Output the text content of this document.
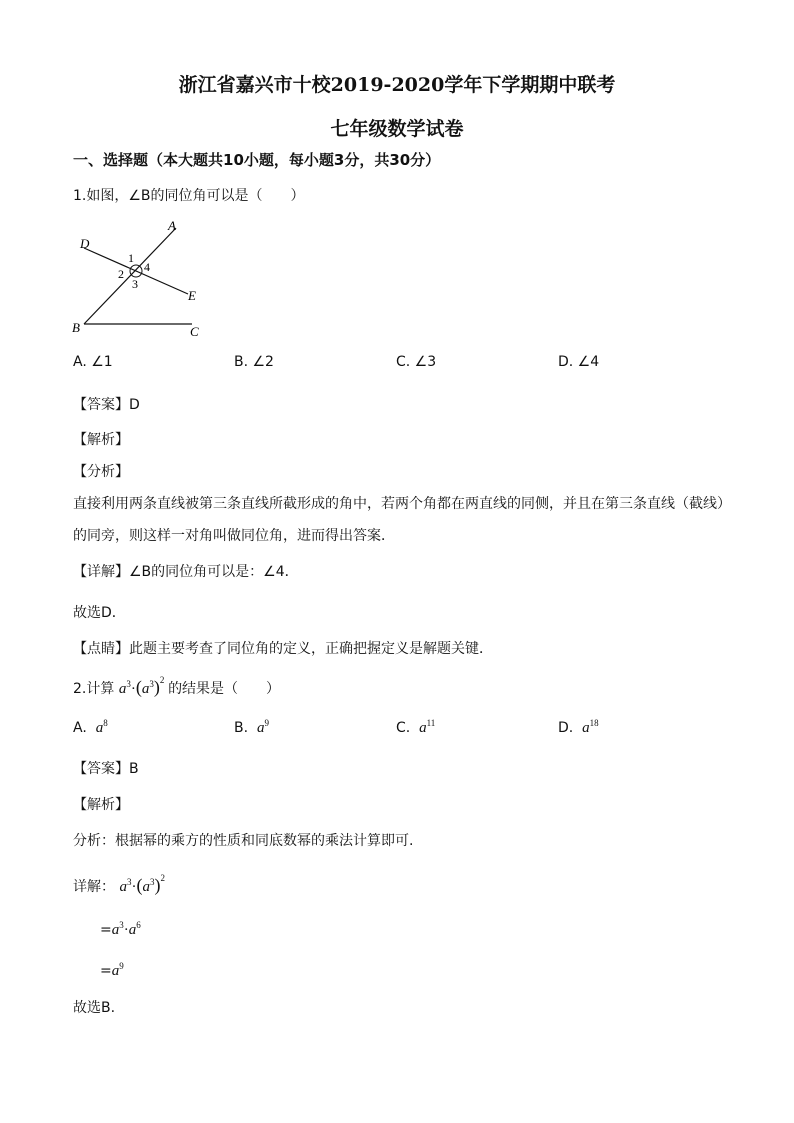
浙江省嘉兴市十校2019-2020学年下学期期中联考
七年级数学试卷
一、选择题（本大题共10小题，每小题3分，共30分）
1.如图，∠B的同位角可以是（　　）
A
D
1
2 4
3
E
B	C
A. ∠1	B. ∠2	C. ∠3	D. ∠4
【答案】D
【解析】
【分析】
直接利用两条直线被第三条直线所截形成的角中，若两个角都在两直线的同侧，并且在第三条直线（截线）
的同旁，则这样一对角叫做同位角，进而得出答案．
【详解】∠B的同位角可以是：∠4．
故选D．
【点睛】此题主要考查了同位角的定义，正确把握定义是解题关键．
2.计算 $a^3\cdot(a^3)^2$ 的结果是（　　）
A. $a^8$	B. $a^9$	C. $a^{11}$	D. $a^{18}$
【答案】B
【解析】
分析：根据幂的乘方的性质和同底数幂的乘法计算即可.
详解： $a^3\cdot(a^3)^2$
$=a^3\cdot a^6$
$=a^9$
故选B.
